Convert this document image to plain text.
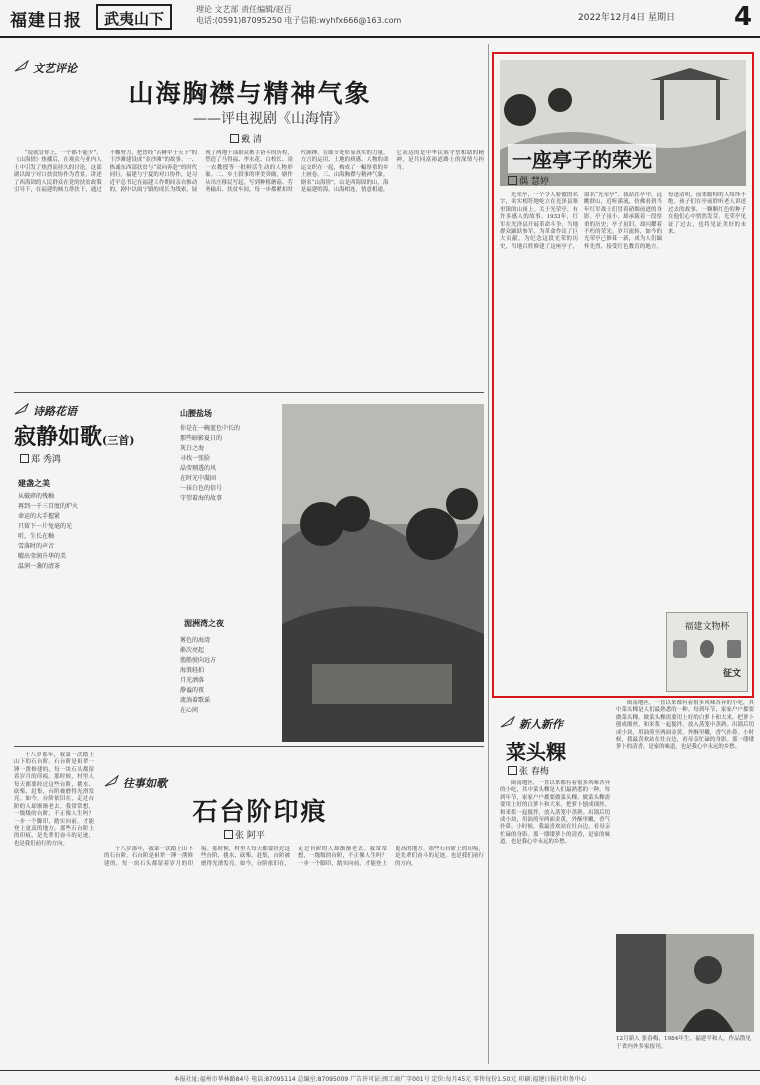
福建日报	武夷山下
理论 文艺部 责任编辑/赵百
电话:(0591)87095250 电子信箱:wyhfx666@163.com	2022年12月4日 星期日 4
文艺评论
山海胸襟与精神气象
——评电视剧《山海情》
戴 清

“说就冒你上，一个都不能少”。《山海情》热播后，在观众与业内人士中引发了热烈而持久的讨论。这部剧以闽宁对口扶贫协作为背景，讲述了西海固的人民群众在党的扶贫政策引导下，在福建的倾力帮扶下，通过不懈努力，把曾经“苦瘠甲于天下”的干沙滩建设成“金沙滩”的故事。一、热诚东西部扶贫与“双向奔赴”的时代同行。福建与宁夏的对口协作，是习近平总书记在福建工作期间亲自推动的。剧中以闽宁镇的成长为线索，展现了两地干部群众携手奋斗的历程，塑造了马得福、李水花、白校长、凌一农教授等一批鲜活生动的人物形象。二、乡土叙事的审美突破。剧作从吊庄移民写起，写到种植蘑菇、劳务输出、扶贫车间，每一步都紧扣时代脉搏，在细节处彰显真实的力量。方言的运用、土地的质感、人物的命运交织在一起，构成了一幅厚重的乡土画卷。三、山海胸襟与精神气象。剧名“山海情”，山是西海固的山，海是福建的海，山海相连，情意相通。它表达的是中华民族守望相助的精神，是共同富裕道路上的深情与担当。

诗路花语
寂静如歌(三首)
郑 秀鸿
建盏之美
从破碎的残釉
再到一千三百度的炉火
命运的大手握紧
只留下一片兔毫的光
听，生长在釉
雪落时的声音
曜出莹润升华的美
温润一盏的清茶
山腰盐场
你是在一碗蓝色中长的
那些暗影夏日的
灰白之海
寻找一张脸
晶莹剔透的风
在时光中凝固
一抹白色的信号
守望着海的故事
湄洲湾之夜
雾色的海湾
渐次亮起
渔船驶向远方
海浪轻拍
月光洒落
静谧的夜
流淌着歌谣
在心间

十八岁那年，我第一次踏上山下的石台阶。石台阶是祖辈一锤一凿修建的，每一块石头都留着岁月的印痕。那时候，村里人每天都要经过这些台阶，挑水、砍柴、赶集，台阶被磨得光滑发亮。如今，台阶依旧在，走过台阶的人却渐渐老去。我常常想，一级级的台阶，不正像人生吗？一步一个脚印，踏实向前，才能登上更高的地方。那些石台阶上的印痕，是先辈们奋斗的足迹，也是我们前行的方向。

往事如歌
石台阶印痕
张 阿平

十八岁那年，我第一次踏上山下的石台阶。石台阶是祖辈一锤一凿修建的，每一块石头都留着岁月的印痕。那时候，村里人每天都要经过这些台阶，挑水、砍柴、赶集，台阶被磨得光滑发亮。如今，台阶依旧在，走过台阶的人却渐渐老去。我常常想，一级级的台阶，不正像人生吗？一步一个脚印，踏实向前，才能登上更高的地方。那些石台阶上的印痕，是先辈们奋斗的足迹，也是我们前行的方向。

一座亭子的荣光
偶 慧婷

光荣亭，一个令人骄傲的名字，名实相符地屹立在光泽县寨里镇的山岗上。关于光荣亭，有许多感人的故事。1933年，红军在光泽县开展革命斗争，当地群众踊跃参军，为革命作出了巨大贡献。为纪念这段光荣的历史，当地百姓修建了这座亭子，取名“光荣亭”。我站在亭中，远眺群山，近听溪流，仿佛看到当年红军战士们冒着硝烟前进的身影。亭子虽小，却承载着一段厚重的历史；亭子虽旧，却闪耀着不朽的荣光。岁月流转，如今的光荣亭已修葺一新，成为人们缅怀先烈、接受红色教育的地方。每逢清明，前来瞻仰的人络绎不绝。孩子们在亭前聆听老人讲述过去的故事，一颗颗红色的种子在他们心中悄然发芽。光荣亭见证了过去，也将见证美好的未来。

福建文物杯
征文
新人新作
菜头粿
张 春梅

闽南地区，一直以来都有着很多风味各异的小吃，其中菜头粿是人们最熟悉的一种。每到年节，家家户户都要做菜头粿。做菜头粿需要用上好的白萝卜和大米，把萝卜刨成细丝，和米浆一起搅拌，放入蒸笼中蒸熟。出锅后切成小块，用油煎至两面金黄，外酥里嫩，香气扑鼻。小时候，我最喜欢站在灶台边，看母亲忙碌的身影。那一缕缕萝卜的清香，是家的味道，也是我心中永远的乡愁。

闽南地区，一直以来都有着很多风味各异的小吃，其中菜头粿是人们最熟悉的一种。每到年节，家家户户都要做菜头粿。做菜头粿需要用上好的白萝卜和大米，把萝卜刨成细丝，和米浆一起搅拌，放入蒸笼中蒸熟。出锅后切成小块，用油煎至两面金黄，外酥里嫩，香气扑鼻。小时候，我最喜欢站在灶台边，看母亲忙碌的身影。那一缕缕萝卜的清香，是家的味道，也是我心中永远的乡愁。

12月新人 张春梅，1984年生，福建平和人，作品散见于省内外多家报刊。
本报社址:福州市华林路84号 电话:87095114 总编室:87095009 广告许可证:闽工商广字001号 定价:每月45元 零售每份1.50元 印刷:福建日报社印务中心
